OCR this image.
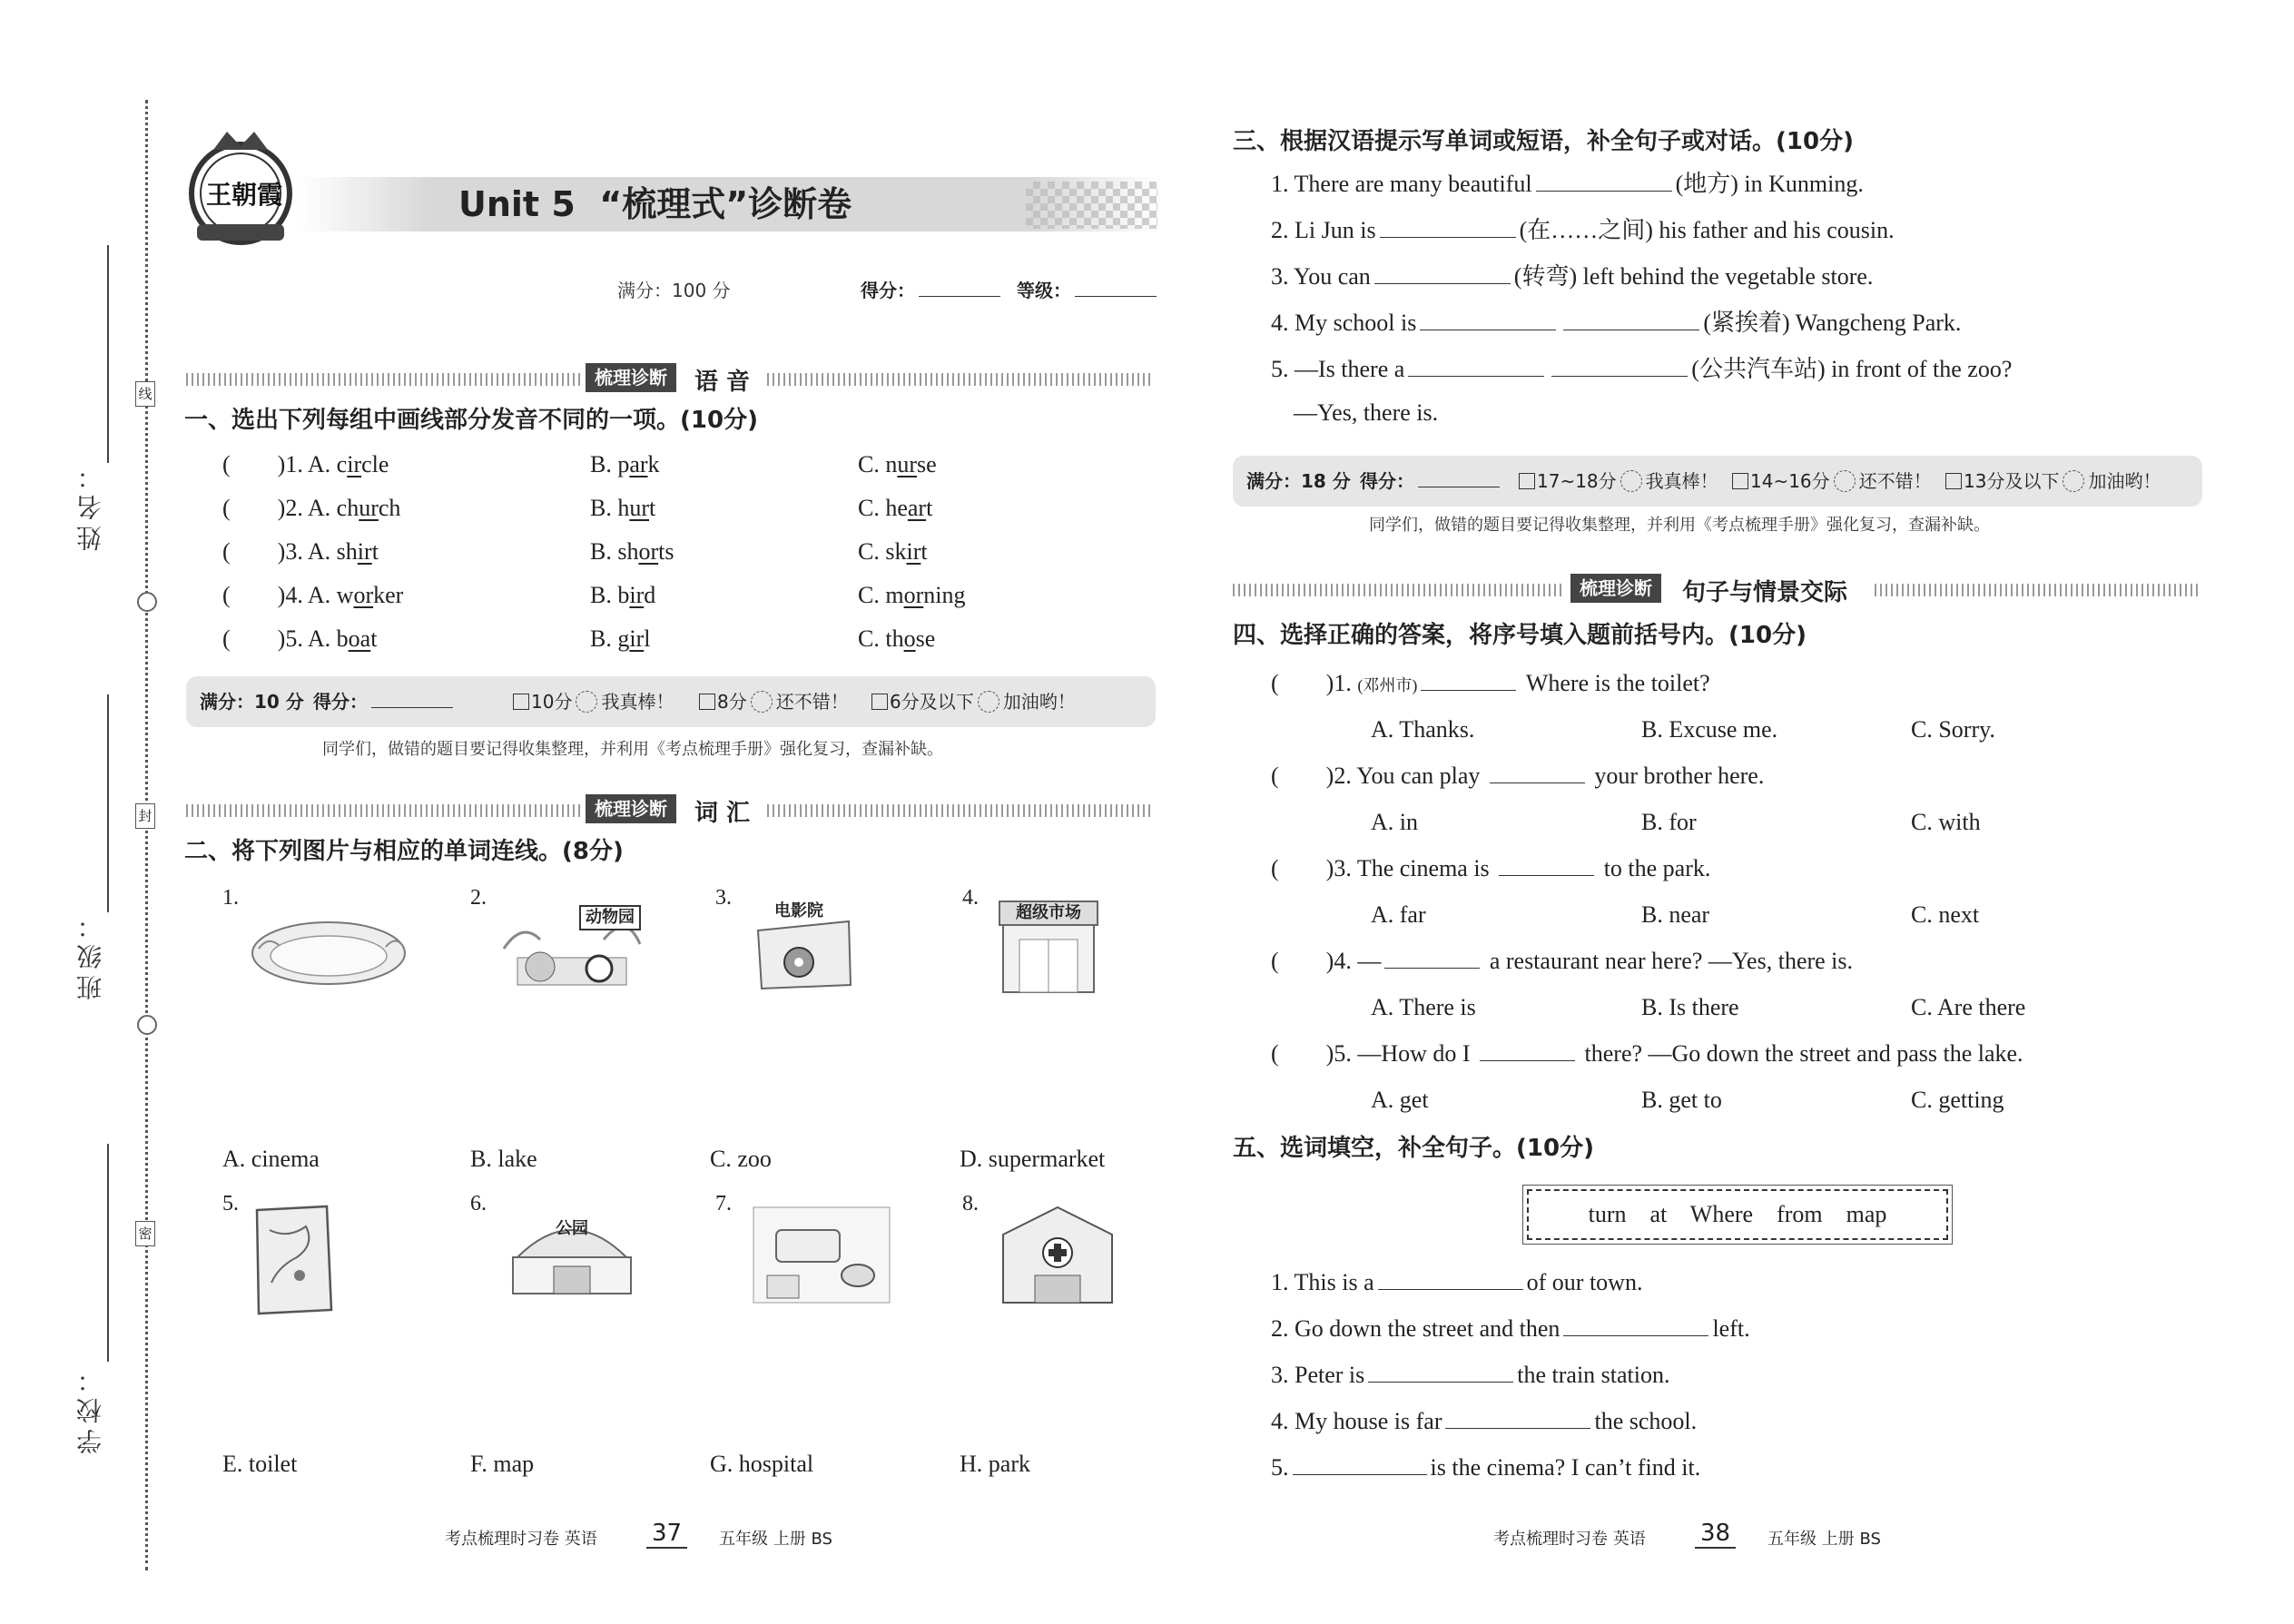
姓名：
班级：
学校：
线
封
密
王朝霞	Unit 5  “梳理式”诊断卷
满分：100 分	得分：	等级：
梳理诊断	语 音
一、选出下列每组中画线部分发音不同的一项。(10分)
(        )1. A. circle	B. park	C. nurse
(        )2. A. church	B. hurt	C. heart
(        )3. A. shirt	B. shorts	C. skirt
(        )4. A. worker	B. bird	C. morning
(        )5. A. boat	B. girl	C. those
满分：10 分 得分：	10分 我真棒！	8分 还不错！	6分及以下 加油哟！
同学们，做错的题目要记得收集整理，并利用《考点梳理手册》强化复习，查漏补缺。
梳理诊断	词 汇
二、将下列图片与相应的单词连线。(8分)
1.	2.	3.	4.
5.	6.	7.	8.
动物园	电影院	超级市场
公园
A. cinema	B. lake	C. zoo	D. supermarket
E. toilet	F. map	G. hospital	H. park
考点梳理时习卷 英语 37	五年级 上册 BS
三、根据汉语提示写单词或短语，补全句子或对话。(10分)
1. There are many beautiful	(地方) in Kunming.
2. Li Jun is	(在……之间) his father and his cousin.
3. You can	(转弯) left behind the vegetable store.
4. My school is	(紧挨着) Wangcheng Park.
5. —Is there a	(公共汽车站) in front of the zoo?
—Yes, there is.
满分：18 分 得分：	17~18分 我真棒！	14~16分 还不错！	13分及以下 加油哟！
同学们，做错的题目要记得收集整理，并利用《考点梳理手册》强化复习，查漏补缺。
梳理诊断	句子与情景交际
四、选择正确的答案，将序号填入题前括号内。(10分)
(        )1. (邓州市)	Where is the toilet?
A. Thanks.	B. Excuse me.	C. Sorry.
(        )2. You can play	your brother here.
A. in	B. for	C. with
(        )3. The cinema is	to the park.
A. far	B. near	C. next
(        )4. —	a restaurant near here? —Yes, there is.
A. There is	B. Is there	C. Are there
(        )5. —How do I	there? —Go down the street and pass the lake.
A. get	B. get to	C. getting
五、选词填空，补全句子。(10分)
turn    at    Where    from    map
1. This is a	of our town.
2. Go down the street and then	left.
3. Peter is	the train station.
4. My house is far	the school.
5.	is the cinema? I can’t find it.
考点梳理时习卷 英语 38	五年级 上册 BS
